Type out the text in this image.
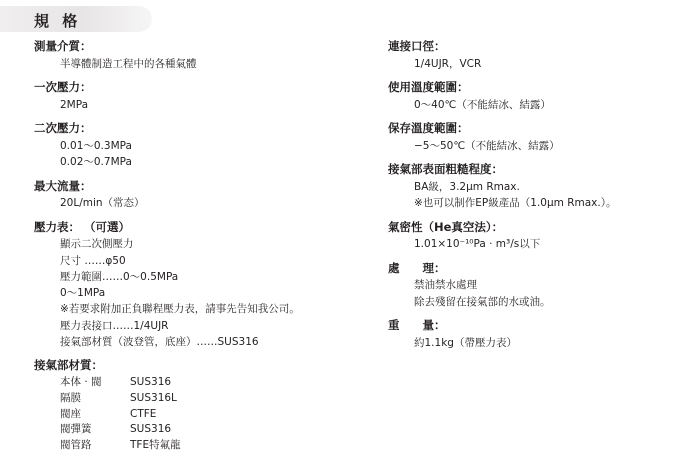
規 格
測量介質：
半導體制造工程中的各種氣體
一次壓力：
2MPa
二次壓力：
0.01〜0.3MPa
0.02〜0.7MPa
最大流量：
20L/min（常态）
壓力表： （可選）
顯示二次側壓力
尺寸 ……φ50
壓力範圍……0〜0.5MPa
0〜1MPa
※若要求附加正負聯程壓力表，請事先告知我公司。
壓力表接口……1/4UJR
接氣部材質（波登管，底座）……SUS316
接氣部材質：
本体 · 閥	SUS316
隔膜	SUS316L
閥座	CTFE
閥彈簧	SUS316
閥管路	TFE特氟龍
連接口徑：
1/4UJR，VCR
使用溫度範圍：
0〜40℃（不能結冰、結露）
保存溫度範圍：
−5〜50℃（不能結冰、結露）
接氣部表面粗糙程度：
BA級，3.2μm Rmax.
※也可以制作EP級產品（1.0μm Rmax.）。
氣密性（He真空法）：
1.01×10⁻¹⁰Pa · m³/s以下
處　　理：
禁油禁水處理
除去殘留在接氣部的水或油。
重　　量：
約1.1kg（帶壓力表）
